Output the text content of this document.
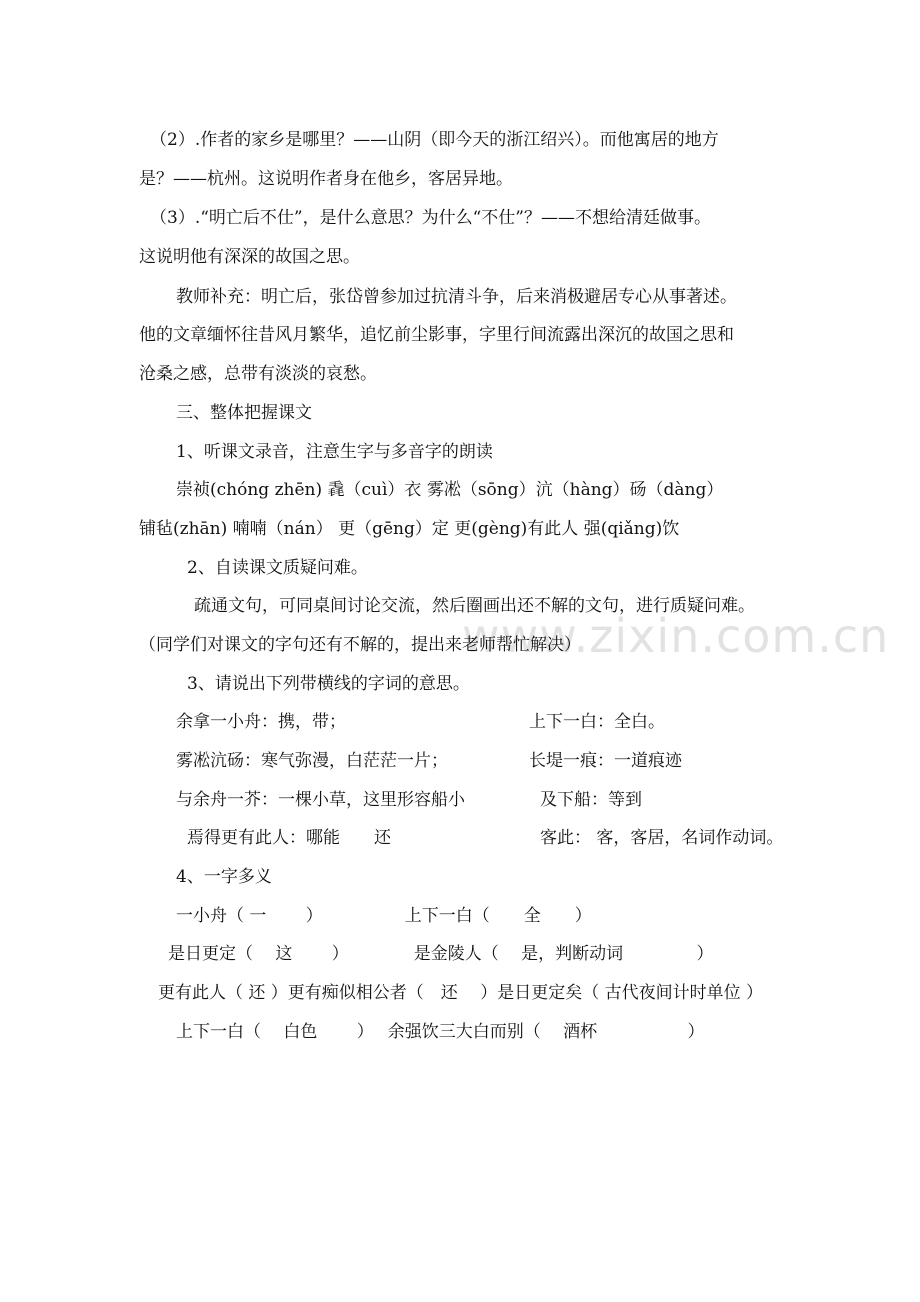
www.zixin.com.cn
（2）.作者的家乡是哪里？——山阴（即今天的浙江绍兴）。而他寓居的地方
是？——杭州。这说明作者身在他乡，客居异地。
（3）.“明亡后不仕”，是什么意思？为什么“不仕”？——不想给清廷做事。
这说明他有深深的故国之思。
教师补充：明亡后，张岱曾参加过抗清斗争，后来消极避居专心从事著述。
他的文章缅怀往昔风月繁华，追忆前尘影事，字里行间流露出深沉的故国之思和
沧桑之感，总带有淡淡的哀愁。
三、整体把握课文
1、听课文录音，注意生字与多音字的朗读
崇祯(chóng zhēn) 毳（cuì）衣 雾凇（sōng）沆（hàng）砀（dàng）
铺毡(zhān) 喃喃（nán） 更（gēng）定 更(gèng)有此人 强(qiǎng)饮
2、自读课文质疑问难。
疏通文句，可同桌间讨论交流，然后圈画出还不解的文句，进行质疑问难。
（同学们对课文的字句还有不解的，提出来老师帮忙解决）
3、请说出下列带横线的字词的意思。
余拿一小舟：携，带；	上下一白：全白。
雾凇沆砀：寒气弥漫，白茫茫一片；	长堤一痕：一道痕迹
与余舟一芥：一棵小草，这里形容船小	及下船：等到
焉得更有此人：哪能　　还	客此： 客，客居，名词作动词。
4、一字多义
一小舟（ 一　　 ）　　　　　 上下一白（　　全　　）
是日更定（　 这　　 ）　　　　 是金陵人（　 是，判断动词　　　　 ）
更有此人（ 还 ）更有痴似相公者（　还　 ）是日更定矣（ 古代夜间计时单位 ）
上下一白（　 白色　　 ）　 余强饮三大白而别（　 酒杯　　　　　 ）
